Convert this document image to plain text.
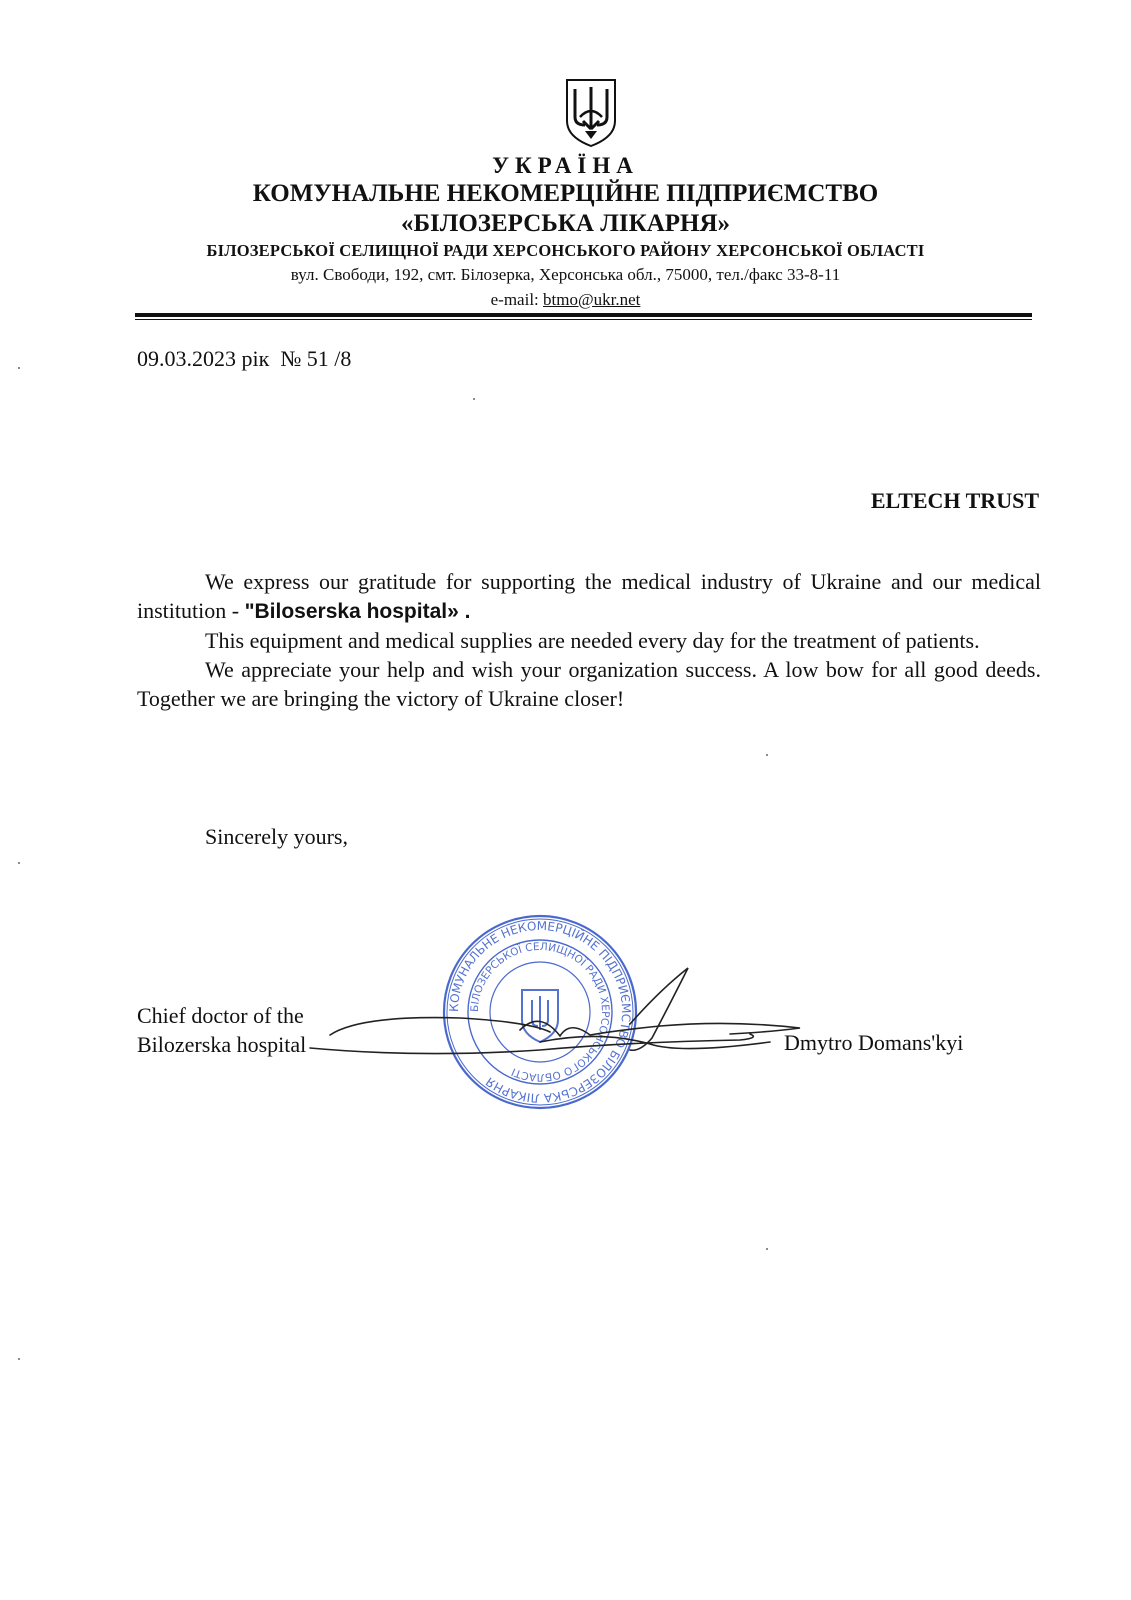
УКРАЇНА
КОМУНАЛЬНЕ НЕКОМЕРЦІЙНЕ ПІДПРИЄМСТВО
«БІЛОЗЕРСЬКА ЛІКАРНЯ»
БІЛОЗЕРСЬКОЇ СЕЛИЩНОЇ РАДИ ХЕРСОНСЬКОГО РАЙОНУ ХЕРСОНСЬКОЇ ОБЛАСТІ
вул. Свободи, 192, смт. Білозерка, Херсонська обл., 75000, тел./факс 33-8-11
e-mail: btmo@ukr.net
09.03.2023 рік № 51 /8
ELTECH TRUST

We express our gratitude for supporting the medical industry of Ukraine and our medical institution - "Biloserska hospital» .

This equipment and medical supplies are needed every day for the treatment of patients.

We appreciate your help and wish your organization success. A low bow for all good deeds. Together we are bringing the victory of Ukraine closer!

Sincerely yours,
Chief doctor of the
Bilozerska hospital	Dmytro Domans'kyi
КОМУНАЛЬНЕ НЕКОМЕРЦІЙНЕ ПІДПРИЄМСТВО БІЛОЗЕРСЬКА ЛІКАРНЯ
БІЛОЗЕРСЬКОЇ СЕЛИЩНОЇ РАДИ ХЕРСОНСЬКОГО ОБЛАСТІ
